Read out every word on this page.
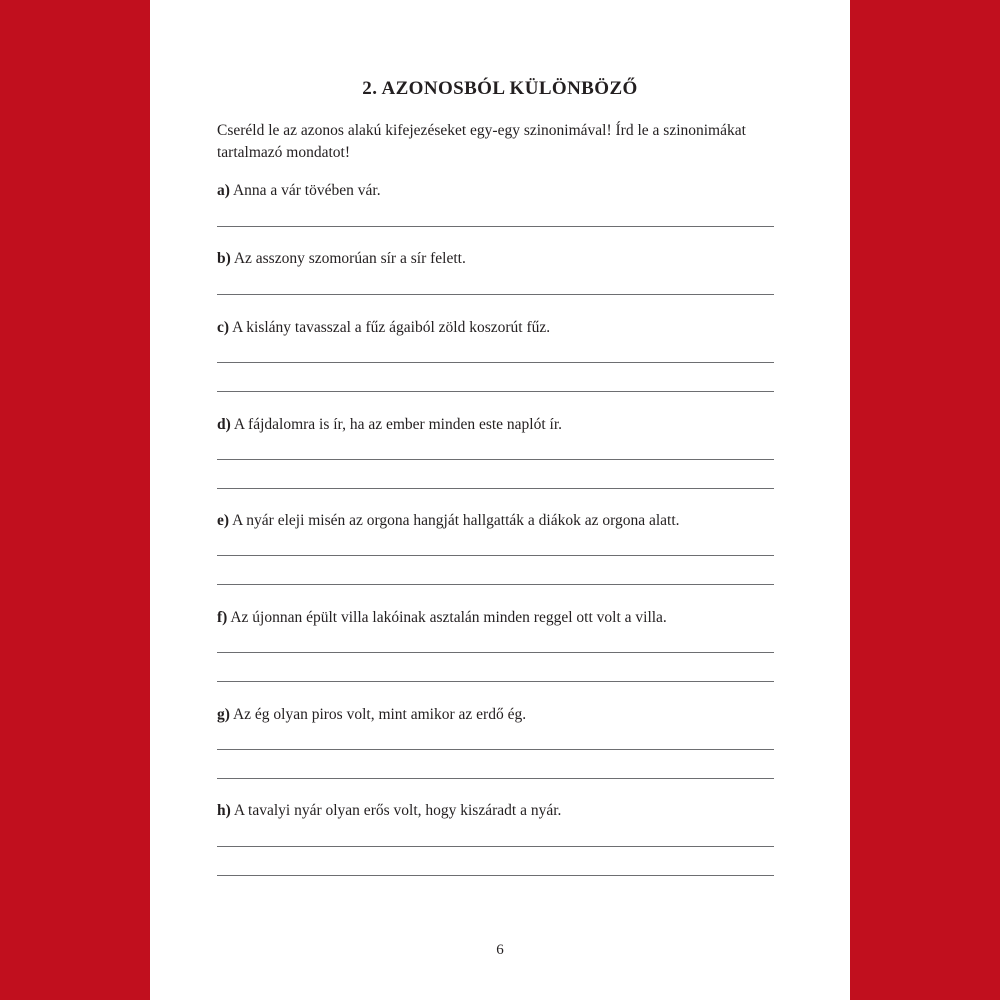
2. AZONOSBÓL KÜLÖNBÖZŐ

Cseréld le az azonos alakú kifejezéseket egy-egy szinonimával! Írd le a szinonimákat tartalmazó mondatot!

a) Anna a vár tövében vár.

b) Az asszony szomorúan sír a sír felett.

c) A kislány tavasszal a fűz ágaiból zöld koszorút fűz.

d) A fájdalomra is ír, ha az ember minden este naplót ír.

e) A nyár eleji misén az orgona hangját hallgatták a diákok az orgona alatt.

f) Az újonnan épült villa lakóinak asztalán minden reggel ott volt a villa.

g) Az ég olyan piros volt, mint amikor az erdő ég.

h) A tavalyi nyár olyan erős volt, hogy kiszáradt a nyár.

6
